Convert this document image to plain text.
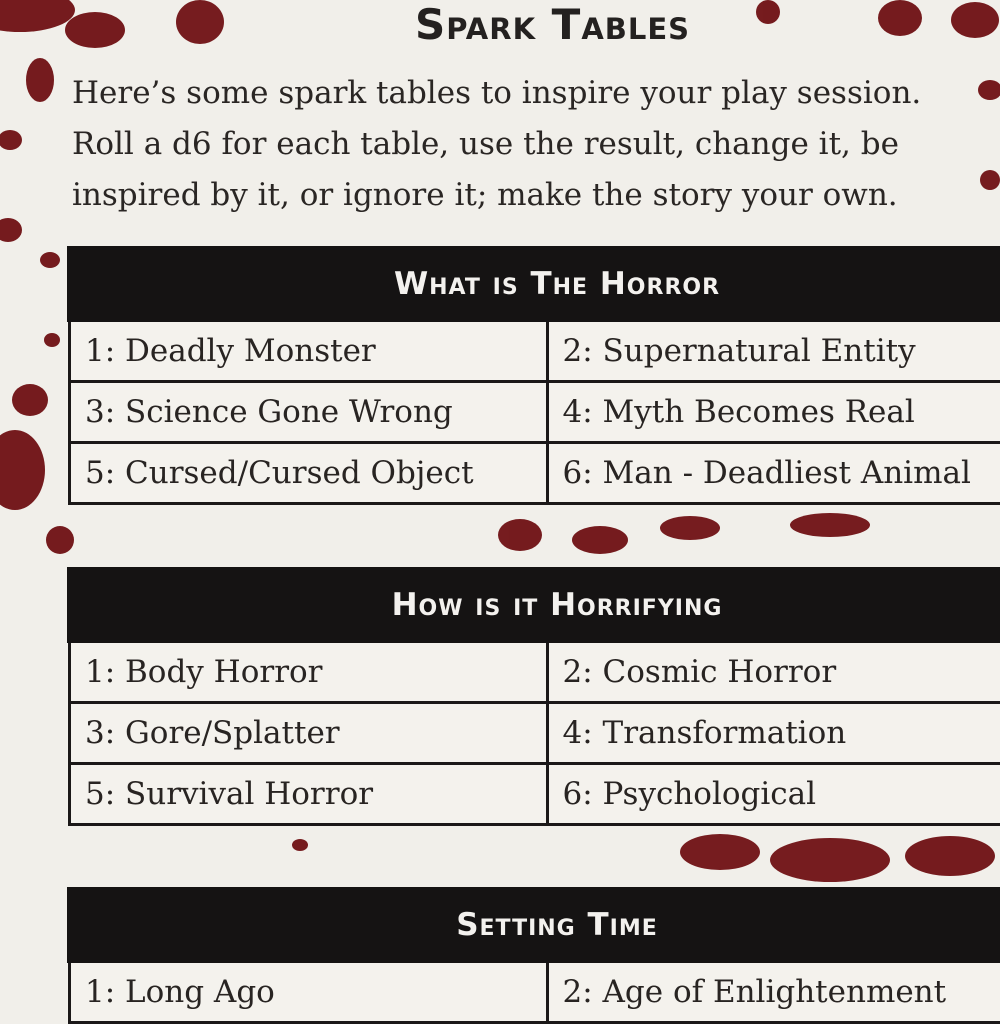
Spark Tables

Here’s some spark tables to inspire your play session.
Roll a d6 for each table, use the result, change it, be
inspired by it, or ignore it; make the story your own.

What is The Horror	

1: Deadly Monster	2: Supernatural Entity
3: Science Gone Wrong	4: Myth Becomes Real
5: Cursed/Cursed Object	6: Man - Deadliest Animal
How is it Horrifying	

1: Body Horror	2: Cosmic Horror
3: Gore/Splatter	4: Transformation
5: Survival Horror	6: Psychological
Setting Time

1: Long Ago	2: Age of Enlightenment
